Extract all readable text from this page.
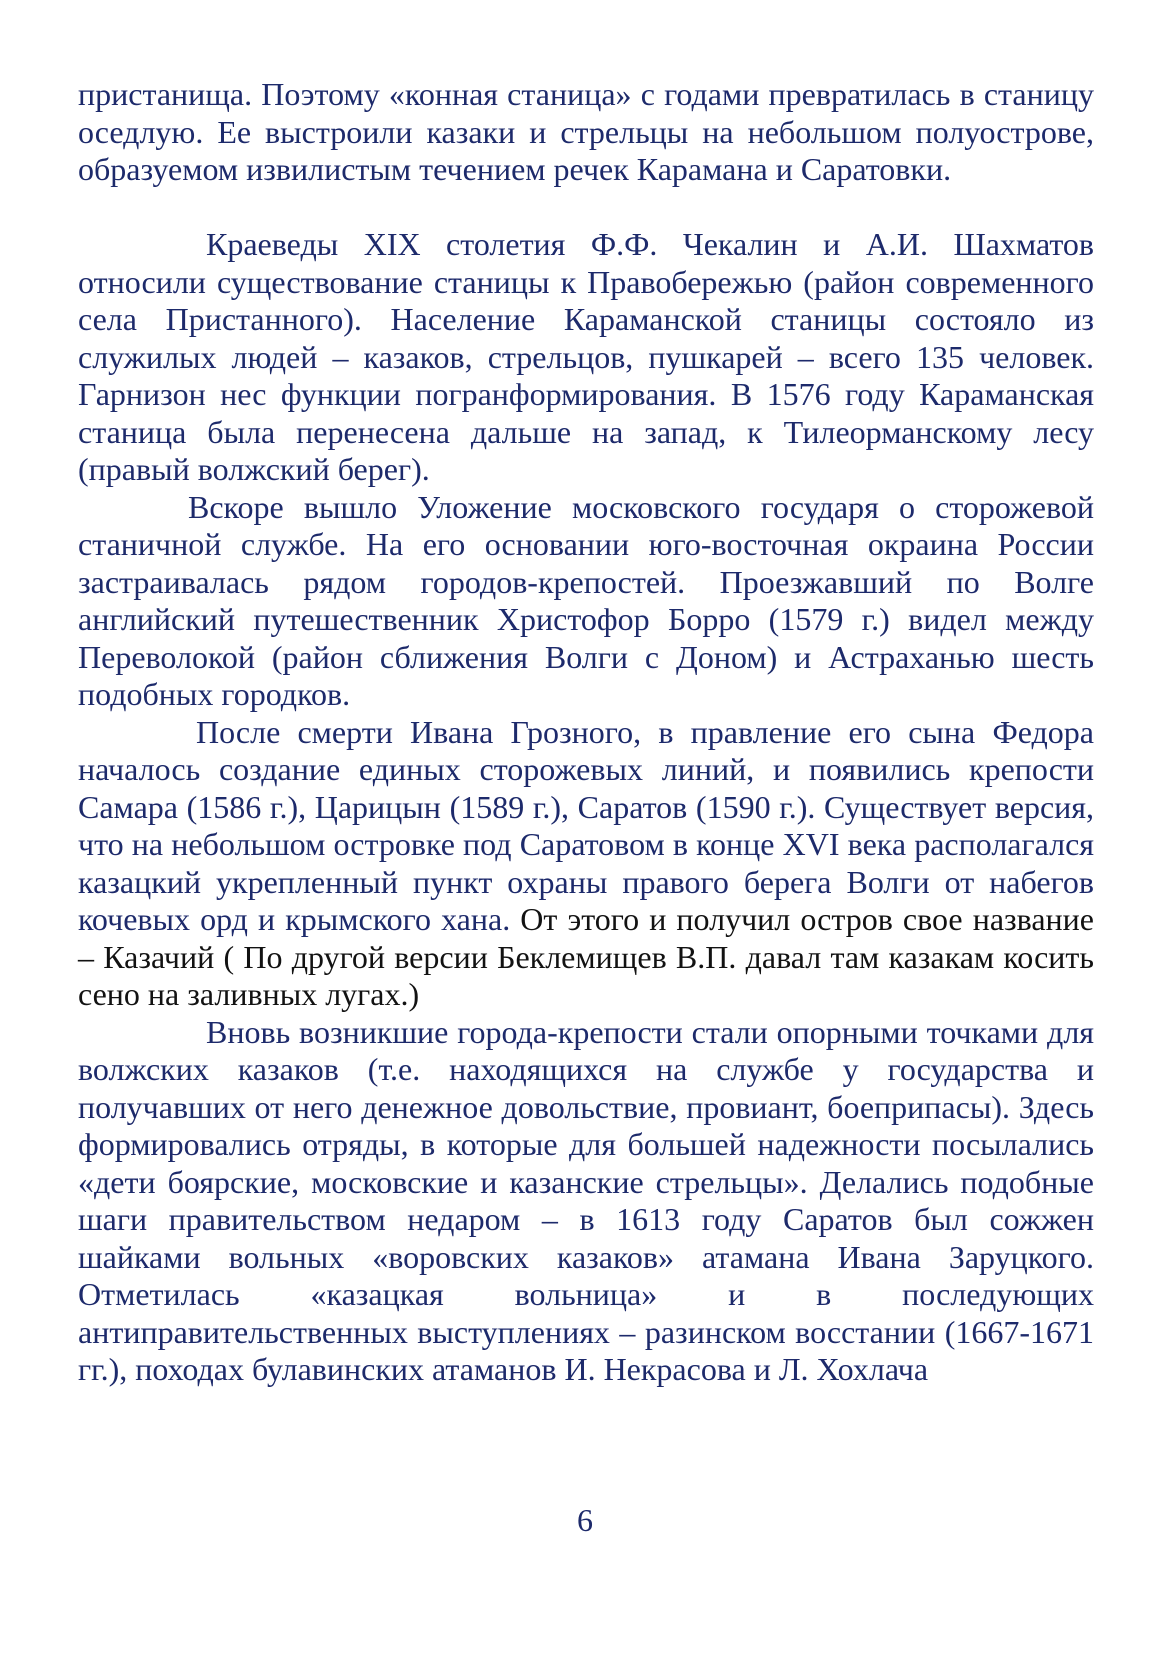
пристанища. Поэтому «конная станица» с годами превратилась в станицу оседлую. Ее выстроили казаки и стрельцы на небольшом полуострове, образуемом извилистым течением речек Карамана и Саратовки.

Краеведы XIX столетия Ф.Ф. Чекалин и А.И. Шахматов относили существование станицы к Правобережью (район современного села Пристанного). Население Караманской станицы состояло из служилых людей – казаков, стрельцов, пушкарей – всего 135 человек. Гарнизон нес функции погранформирования. В 1576 году Караманская станица была перенесена дальше на запад, к Тилеорманскому лесу (правый волжский берег).

Вскоре вышло Уложение московского государя о сторожевой станичной службе. На его основании юго-восточная окраина России застраивалась рядом городов-крепостей. Проезжавший по Волге английский путешественник Христофор Борро (1579 г.) видел между Переволокой (район сближения Волги с Доном) и Астраханью шесть подобных городков.

После смерти Ивана Грозного, в правление его сына Федора началось создание единых сторожевых линий, и появились крепости Самара (1586 г.), Царицын (1589 г.), Саратов (1590 г.). Существует версия, что на небольшом островке под Саратовом в конце XVI века располагался казацкий укрепленный пункт охраны правого берега Волги от набегов кочевых орд и крымского хана. От этого и получил остров свое название – Казачий ( По другой версии Беклемищев В.П. давал там казакам косить сено на заливных лугах.)

Вновь возникшие города-крепости стали опорными точками для волжских казаков (т.е. находящихся на службе у государства и получавших от него денежное довольствие, провиант, боеприпасы). Здесь формировались отряды, в которые для большей надежности посылались «дети боярские, московские и казанские стрельцы». Делались подобные шаги правительством недаром – в 1613 году Саратов был сожжен шайками вольных «воровских казаков» атамана Ивана Заруцкого. Отметилась «казацкая вольница» и в последующих антиправительственных выступлениях – разинском восстании (1667-1671 гг.), походах булавинских атаманов И. Некрасова и Л. Хохлача

6
